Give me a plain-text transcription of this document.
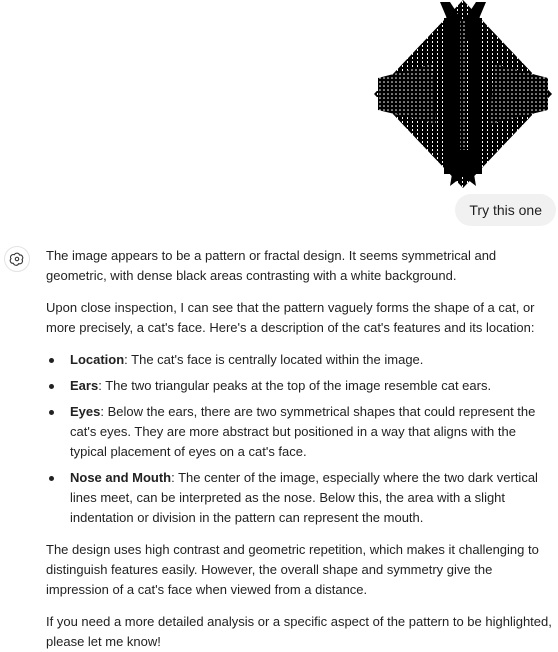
Try this one

The image appears to be a pattern or fractal design. It seems symmetrical and geometric, with dense black areas contrasting with a white background.

Upon close inspection, I can see that the pattern vaguely forms the shape of a cat, or more precisely, a cat's face. Here's a description of the cat's features and its location:

Location: The cat's face is centrally located within the image.
Ears: The two triangular peaks at the top of the image resemble cat ears.
Eyes: Below the ears, there are two symmetrical shapes that could represent the cat's eyes. They are more abstract but positioned in a way that aligns with the typical placement of eyes on a cat's face.
Nose and Mouth: The center of the image, especially where the two dark vertical lines meet, can be interpreted as the nose. Below this, the area with a slight indentation or division in the pattern can represent the mouth.

The design uses high contrast and geometric repetition, which makes it challenging to distinguish features easily. However, the overall shape and symmetry give the impression of a cat's face when viewed from a distance.

If you need a more detailed analysis or a specific aspect of the pattern to be highlighted, please let me know!
